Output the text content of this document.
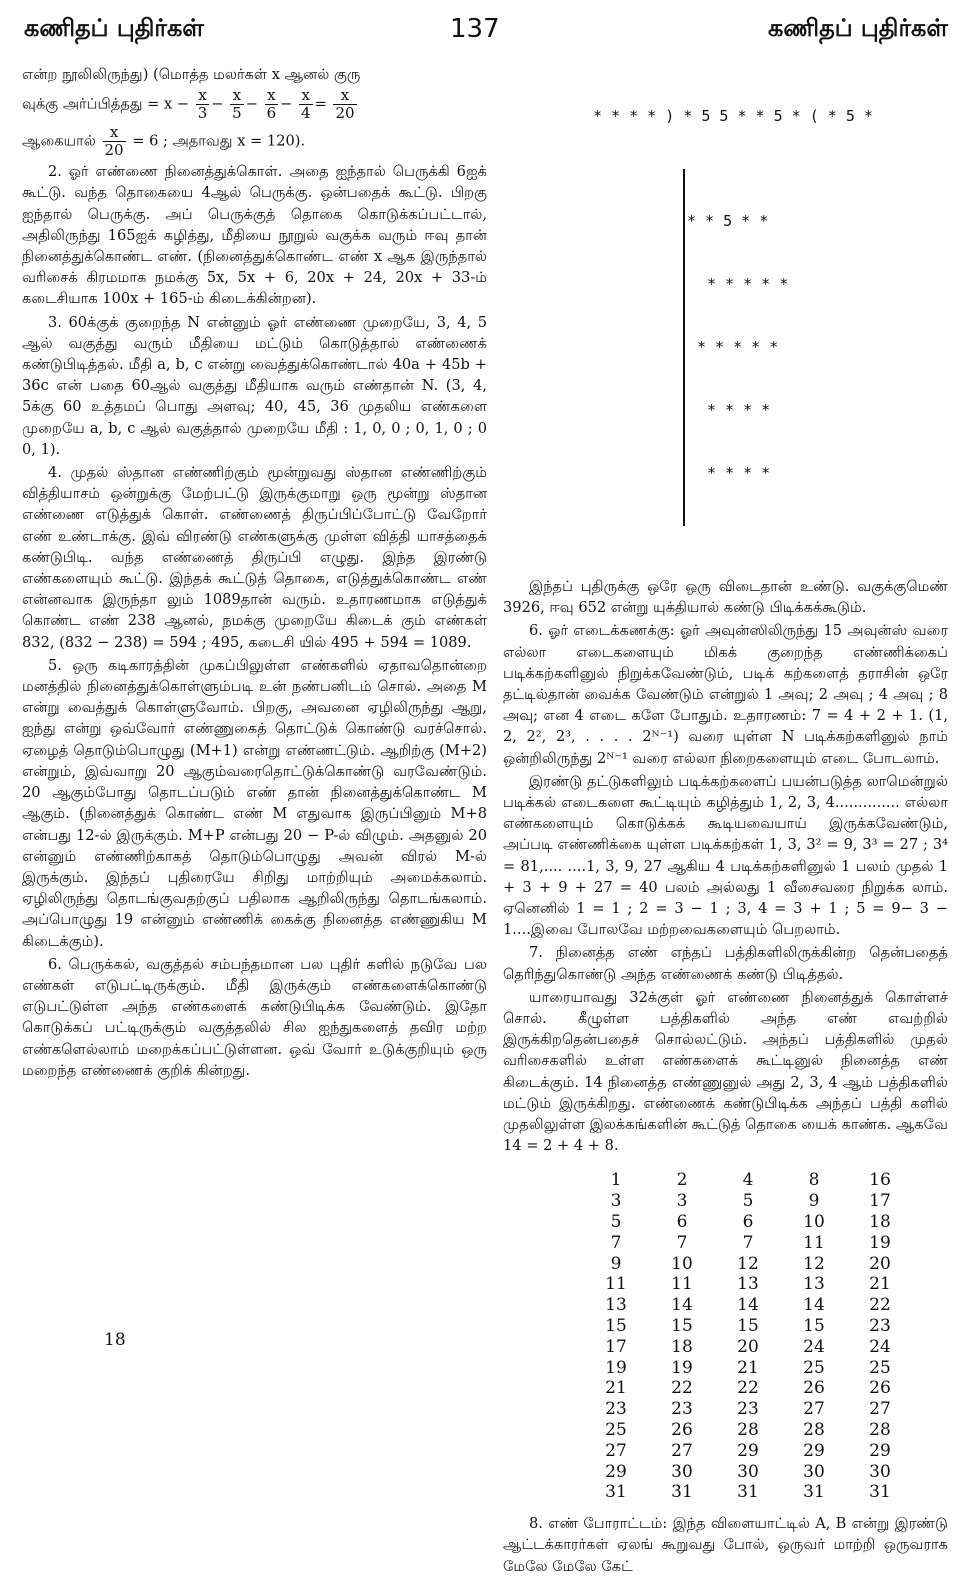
கணிதப் புதிர்கள்	137	கணிதப் புதிர்கள்

என்ற நூலிலிருந்து) (மொத்த மலர்கள் x ஆனல் குரு

வுக்கு அர்ப்பித்தது = $x - \frac{x}{3} - \frac{x}{5} - \frac{x}{6} - \frac{x}{4} = \frac{x}{20}$

ஆகையால் $\frac{x}{20} = 6$ ; அதாவது x = 120).

2. ஓர் எண்ணை நினைத்துக்கொள். அதை ஐந்தால் பெருக்கி 6ஐக் கூட்டு. வந்த தொகையை 4ஆல் பெருக்கு. ஒன்பதைக் கூட்டு. பிறகு ஐந்தால் பெருக்கு. அப் பெருக்குத் தொகை கொடுக்கப்பட்டால், அதிலிருந்து 165ஐக் கழித்து, மீதியை நூறுல் வகுக்க வரும் ஈவு தான் நினைத்துக்கொண்ட எண். (நினைத்துக்கொண்ட எண் x ஆக இருந்தால் வரிசைக் கிரமமாக நமக்கு 5x, 5x + 6, 20x + 24, 20x + 33-ம் கடைசியாக 100x + 165-ம் கிடைக்கின்றன).

3. 60க்குக் குறைந்த N என்னும் ஓர் எண்ணை முறையே, 3, 4, 5 ஆல் வகுத்து வரும் மீதியை மட்டும் கொடுத்தால் எண்ணைக் கண்டுபிடித்தல். மீதி a, b, c என்று வைத்துக்கொண்டால் 40a + 45b + 36c என் பதை 60ஆல் வகுத்து மீதியாக வரும் எண்தான் N. (3, 4, 5க்கு 60 உத்தமப் பொது அளவு; 40, 45, 36 முதலிய எண்களை முறையே a, b, c ஆல் வகுத்தால் முறையே மீதி : 1, 0, 0 ; 0, 1, 0 ; 0 0, 1).

4. முதல் ஸ்தான எண்ணிற்கும் மூன்றுவது ஸ்தான எண்ணிற்கும் வித்தியாசம் ஒன்றுக்கு மேற்பட்டு இருக்குமாறு ஒரு மூன்று ஸ்தான எண்ணை எடுத்துக் கொள். எண்ணைத் திருப்பிப்போட்டு வேறோர் எண் உண்டாக்கு. இவ் விரண்டு எண்களுக்கு முள்ள வித்தி யாசத்தைக் கண்டுபிடி. வந்த எண்ணைத் திருப்பி எழுது. இந்த இரண்டு எண்களையும் கூட்டு. இந்தக் கூட்டுத் தொகை, எடுத்துக்கொண்ட எண் என்னவாக இருந்தா லும் 1089தான் வரும். உதாரணமாக எடுத்துக் கொண்ட எண் 238 ஆனல், நமக்கு முறையே கிடைக் கும் எண்கள் 832, (832 − 238) = 594 ; 495, கடைசி யில் 495 + 594 = 1089.

5. ஒரு கடிகாரத்தின் முகப்பிலுள்ள எண்களில் ஏதாவதொன்றை மனத்தில் நினைத்துக்கொள்ளும்படி உன் நண்பனிடம் சொல். அதை M என்று வைத்துக் கொள்ளுவோம். பிறகு, அவனை ஏழிலிருந்து ஆறு, ஐந்து என்று ஒவ்வோர் எண்ணுகைத் தொட்டுக் கொண்டு வரச்சொல். ஏழைத் தொடும்பொழுது (M+1) என்று எண்ணட்டும். ஆறிற்கு (M+2) என்றும், இவ்வாறு 20 ஆகும்வரைதொட்டுக்கொண்டு வரவேண்டும். 20 ஆகும்போது தொடப்படும் எண் தான் நினைத்துக்கொண்ட M ஆகும். (நினைத்துக் கொண்ட எண் M எதுவாக இருப்பினும் M+8 என்பது 12-ல் இருக்கும். M+P என்பது 20 − P-ல் விழும். அதனுல் 20 என்னும் எண்ணிற்காகத் தொடும்பொழுது அவன் விரல் M-ல் இருக்கும். இந்தப் புதிரையே சிறிது மாற்றியும் அமைக்கலாம். ஏழிலிருந்து தொடங்குவதற்குப் பதிலாக ஆறிலிருந்து தொடங்கலாம். அப்பொழுது 19 என்னும் எண்ணிக் கைக்கு நினைத்த எண்ணுகிய M கிடைக்கும்).

6. பெருக்கல், வகுத்தல் சம்பந்தமான பல புதிர் களில் நடுவே பல எண்கள் எடுபட்டிருக்கும். மீதி இருக்கும் எண்களைக்கொண்டு எடுபட்டுள்ள அந்த எண்களைக் கண்டுபிடிக்க வேண்டும். இதோ கொடுக்கப் பட்டிருக்கும் வகுத்தலில் சில ஐந்துகளைத் தவிர மற்ற எண்களெல்லாம் மறைக்கப்பட்டுள்ளன. ஒவ் வோர் உடுக்குறியும் ஒரு மறைந்த எண்ணைக் குறிக் கின்றது.

* * * * ) * 5 5 * * 5 * ( * 5 *

* * 5 * *

* * * * *

* * * * *

* * * *

* * * *

இந்தப் புதிருக்கு ஒரே ஒரு விடைதான் உண்டு. வகுக்குமெண் 3926, ஈவு 652 என்று யுக்தியால் கண்டு பிடிக்கக்கூடும்.

6. ஓர் எடைக்கணக்கு: ஓர் அவுன்ஸிலிருந்து 15 அவுன்ஸ் வரை எல்லா எடைகளையும் மிகக் குறைந்த எண்ணிக்கைப் படிக்கற்களினுல் நிறுக்கவேண்டும், படிக் கற்களைத் தராசின் ஒரே தட்டில்தான் வைக்க வேண்டும் என்றுல் 1 அவு; 2 அவு ; 4 அவு ; 8 அவு; என 4 எடை களே போதும். உதாரணம்: 7 = 4 + 2 + 1. (1, 2, 2², 2³, . . . . 2ᴺ⁻¹) வரை யுள்ள N படிக்கற்களினுல் நாம் ஒன்றிலிருந்து 2ᴺ⁻¹ வரை எல்லா நிறைகளையும் எடை போடலாம்.

இரண்டு தட்டுகளிலும் படிக்கற்களைப் பயன்படுத்த லாமென்றுல் படிக்கல் எடைகளை கூட்டியும் கழித்தும் 1, 2, 3, 4.............. எல்லா எண்களையும் கொடுக்கக் கூடியவையாய் இருக்கவேண்டும், அப்படி எண்ணிக்கை யுள்ள படிக்கற்கள் 1, 3, 3² = 9, 3³ = 27 ; 3⁴ = 81,.... ....1, 3, 9, 27 ஆகிய 4 படிக்கற்களினுல் 1 பலம் முதல் 1 + 3 + 9 + 27 = 40 பலம் அல்லது 1 வீசைவரை நிறுக்க லாம். ஏனெனில் 1 = 1 ; 2 = 3 − 1 ; 3, 4 = 3 + 1 ; 5 = 9− 3 − 1....இவை போலவே மற்றவைகளையும் பெறலாம்.

7. நினைத்த எண் எந்தப் பத்திகளிலிருக்கின்ற தென்பதைத் தெரிந்துகொண்டு அந்த எண்ணைக் கண்டு பிடித்தல்.

யாரையாவது 32க்குள் ஓர் எண்ணை நினைத்துக் கொள்ளச் சொல். கீழுள்ள பத்திகளில் அந்த எண் எவற்றில் இருக்கிறதென்பதைச் சொல்லட்டும். அந்தப் பத்திகளில் முதல் வரிசைகளில் உள்ள எண்களைக் கூட்டினுல் நினைத்த எண் கிடைக்கும். 14 நினைத்த எண்ணுனுல் அது 2, 3, 4 ஆம் பத்திகளில் மட்டும் இருக்கிறது. எண்ணைக் கண்டுபிடிக்க அந்தப் பத்தி களில் முதலிலுள்ள இலக்கங்களின் கூட்டுத் தொகை யைக் காண்க. ஆகவே 14 = 2 + 4 + 8.

1	2	4	8	16
3	3	5	9	17
5	6	6	10	18
7	7	7	11	19
9	10	12	12	20
11	11	13	13	21
13	14	14	14	22
15	15	15	15	23
17	18	20	24	24
19	19	21	25	25
21	22	22	26	26
23	23	23	27	27
25	26	28	28	28
27	27	29	29	29
29	30	30	30	30
31	31	31	31	31

8. எண் போராட்டம்: இந்த விளையாட்டில் A, B என்று இரண்டு ஆட்டக்காரர்கள் ஏலங் கூறுவது போல், ஒருவர் மாற்றி ஒருவராக மேலே மேலே கேட்

18
